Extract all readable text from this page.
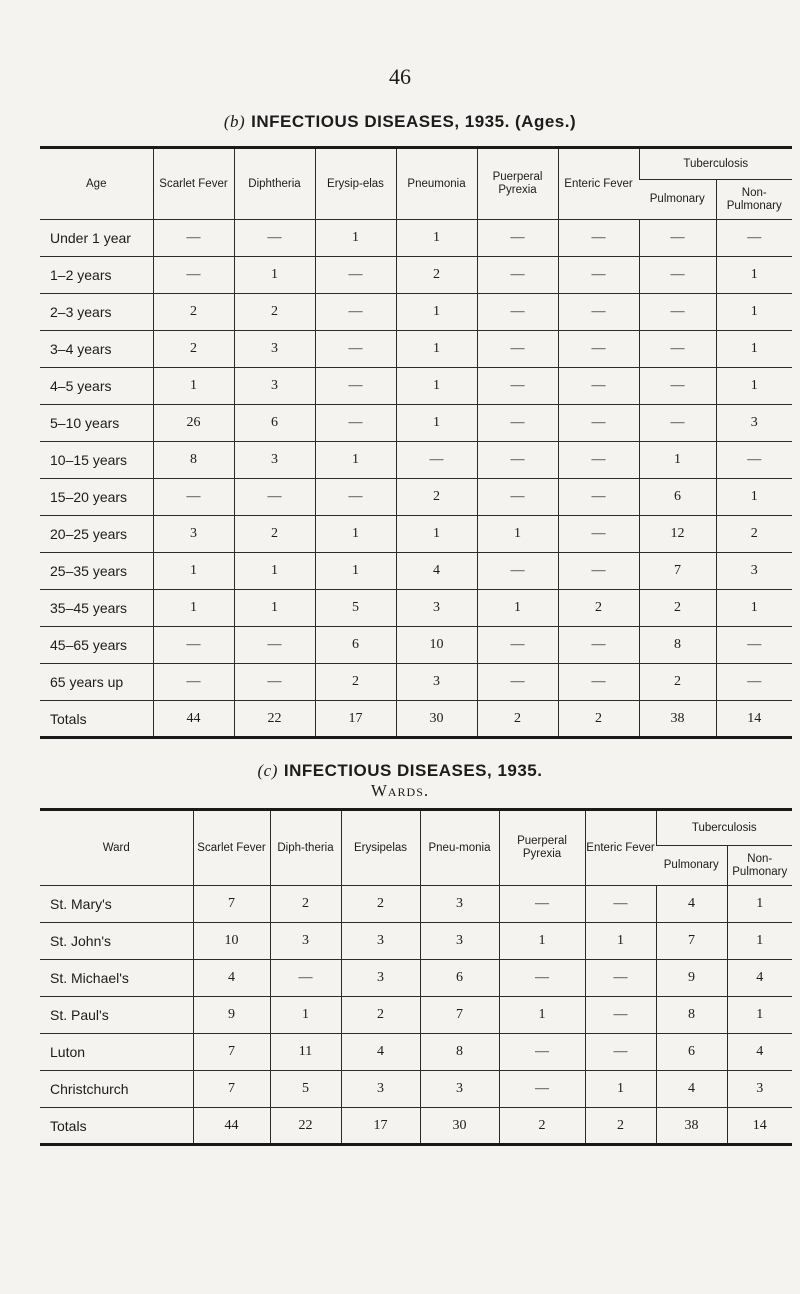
46
(b) INFECTIOUS DISEASES, 1935. (Ages.)
Age	Scarlet Fever	Diphtheria	Erysip-elas	Pneumonia	Puerperal Pyrexia	Enteric Fever	Tuberculosis	
							Pulmonary	Non-Pulmonary
Under 1 year	—	—	1	1	—	—	—	—
1–2 years	—	1	—	2	—	—	—	1
2–3 years	2	2	—	1	—	—	—	1
3–4 years	2	3	—	1	—	—	—	1
4–5 years	1	3	—	1	—	—	—	1
5–10 years	26	6	—	1	—	—	—	3
10–15 years	8	3	1	—	—	—	1	—
15–20 years	—	—	—	2	—	—	6	1
20–25 years	3	2	1	1	1	—	12	2
25–35 years	1	1	1	4	—	—	7	3
35–45 years	1	1	5	3	1	2	2	1
45–65 years	—	—	6	10	—	—	8	—
65 years up	—	—	2	3	—	—	2	—
Totals	44	22	17	30	2	2	38	14
(c) INFECTIOUS DISEASES, 1935.
Wards.
Ward	Scarlet Fever	Diph-theria	Erysipelas	Pneu-monia	Puerperal Pyrexia	Enteric Fever	Tuberculosis	
							Pulmonary	Non-Pulmonary
St. Mary's	7	2	2	3	—	—	4	1
St. John's	10	3	3	3	1	1	7	1
St. Michael's	4	—	3	6	—	—	9	4
St. Paul's	9	1	2	7	1	—	8	1
Luton	7	11	4	8	—	—	6	4
Christchurch	7	5	3	3	—	1	4	3
Totals	44	22	17	30	2	2	38	14
